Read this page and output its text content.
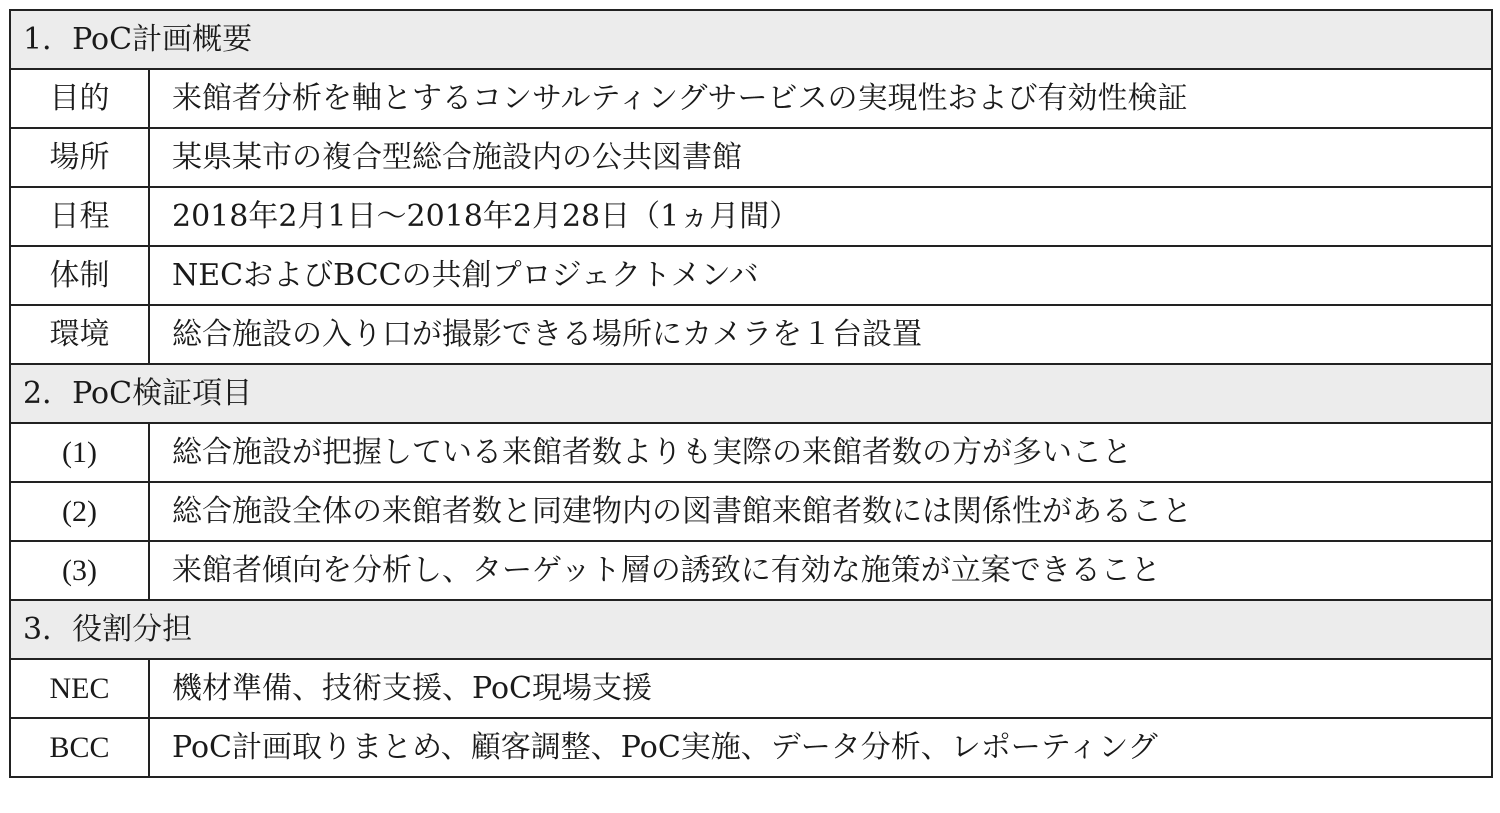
1．PoC計画概要	
目的	来館者分析を軸とするコンサルティングサービスの実現性および有効性検証
場所	某県某市の複合型総合施設内の公共図書館
日程	2018年2月1日～2018年2月28日（1ヵ月間）
体制	NECおよびBCCの共創プロジェクトメンバ
環境	総合施設の入り口が撮影できる場所にカメラを１台設置
2．PoC検証項目	
(1)	総合施設が把握している来館者数よりも実際の来館者数の方が多いこと
(2)	総合施設全体の来館者数と同建物内の図書館来館者数には関係性があること
(3)	来館者傾向を分析し、ターゲット層の誘致に有効な施策が立案できること
3．役割分担	
NEC	機材準備、技術支援、PoC現場支援
BCC	PoC計画取りまとめ、顧客調整、PoC実施、データ分析、レポーティング
